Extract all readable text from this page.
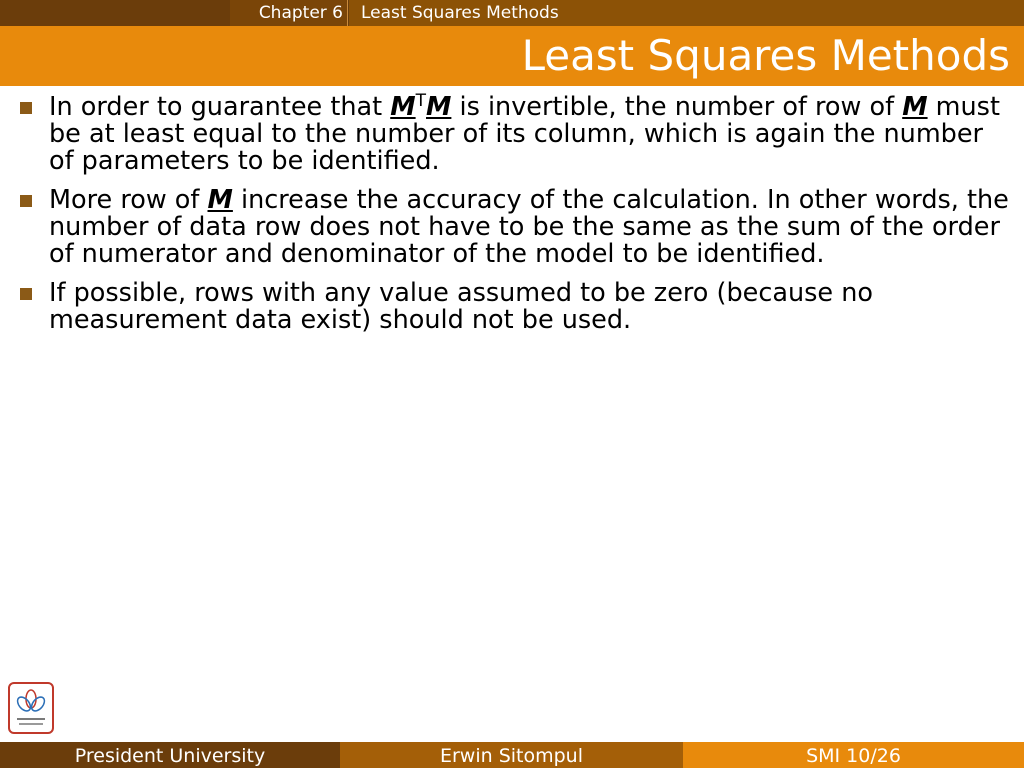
Chapter 6	Least Squares Methods
Least Squares Methods
In order to guarantee that $M^TM$ is invertible, the number of row of M must be at least equal to the number of its column, which is again the number of parameters to be identified.
More row of M increase the accuracy of the calculation. In other words, the number of data row does not have to be the same as the sum of the order of numerator and denominator of the model to be identified.
If possible, rows with any value assumed to be zero (because no measurement data exist) should not be used.
President University	Erwin Sitompul	SMI 10/26
